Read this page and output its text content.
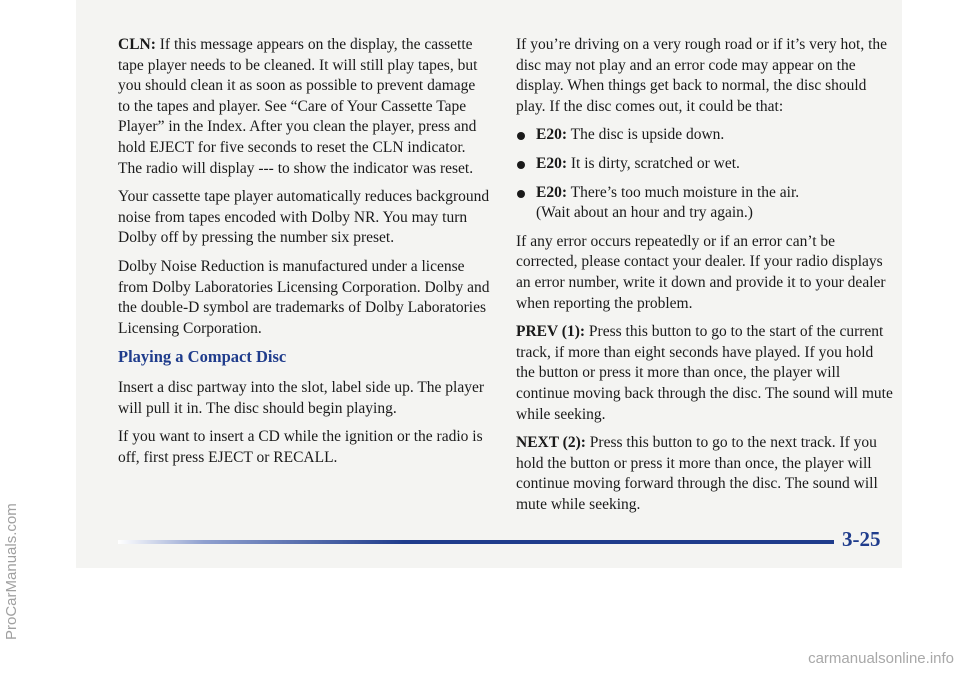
CLN: If this message appears on the display, the cassette tape player needs to be cleaned. It will still play tapes, but you should clean it as soon as possible to prevent damage to the tapes and player. See “Care of Your Cassette Tape Player” in the Index. After you clean the player, press and hold EJECT for five seconds to reset the CLN indicator. The radio will display --- to show the indicator was reset.

Your cassette tape player automatically reduces background noise from tapes encoded with Dolby NR. You may turn Dolby off by pressing the number six preset.

Dolby Noise Reduction is manufactured under a license from Dolby Laboratories Licensing Corporation. Dolby and the double-D symbol are trademarks of Dolby Laboratories Licensing Corporation.

Playing a Compact Disc

Insert a disc partway into the slot, label side up. The player will pull it in. The disc should begin playing.

If you want to insert a CD while the ignition or the radio is off, first press EJECT or RECALL.

If you’re driving on a very rough road or if it’s very hot, the disc may not play and an error code may appear on the display. When things get back to normal, the disc should play. If the disc comes out, it could be that:

E20: The disc is upside down.
E20: It is dirty, scratched or wet.
E20: There’s too much moisture in the air.
(Wait about an hour and try again.)

If any error occurs repeatedly or if an error can’t be corrected, please contact your dealer. If your radio displays an error number, write it down and provide it to your dealer when reporting the problem.

PREV (1): Press this button to go to the start of the current track, if more than eight seconds have played. If you hold the button or press it more than once, the player will continue moving back through the disc. The sound will mute while seeking.

NEXT (2): Press this button to go to the next track. If you hold the button or press it more than once, the player will continue moving forward through the disc. The sound will mute while seeking.

3-25
ProCarManuals.com
carmanualsonline.info
